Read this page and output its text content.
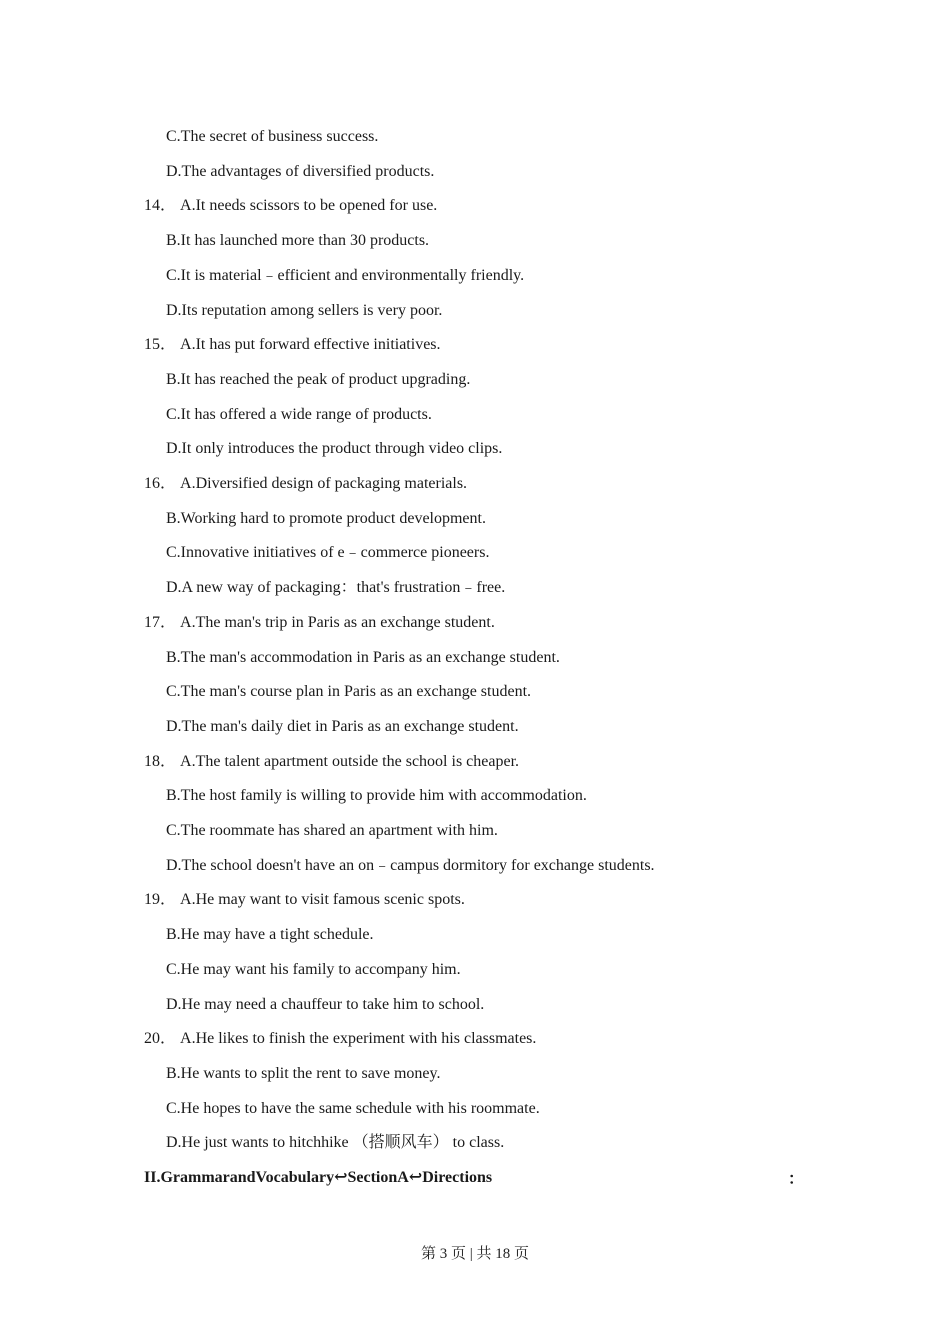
C.The secret of business success.
D.The advantages of diversified products.
14． A.It needs scissors to be opened for use.
B.It has launched more than 30 products.
C.It is material﹣efficient and environmentally friendly.
D.Its reputation among sellers is very poor.
15． A.It has put forward effective initiatives.
B.It has reached the peak of product upgrading.
C.It has offered a wide range of products.
D.It only introduces the product through video clips.
16． A.Diversified design of packaging materials.
B.Working hard to promote product development.
C.Innovative initiatives of e﹣commerce pioneers.
D.A new way of packaging：that's frustration﹣free.
17． A.The man's trip in Paris as an exchange student.
B.The man's accommodation in Paris as an exchange student.
C.The man's course plan in Paris as an exchange student.
D.The man's daily diet in Paris as an exchange student.
18． A.The talent apartment outside the school is cheaper.
B.The host family is willing to provide him with accommodation.
C.The roommate has shared an apartment with him.
D.The school doesn't have an on﹣campus dormitory for exchange students.
19． A.He may want to visit famous scenic spots.
B.He may have a tight schedule.
C.He may want his family to accompany him.
D.He may need a chauffeur to take him to school.
20． A.He likes to finish the experiment with his classmates.
B.He wants to split the rent to save money.
C.He hopes to have the same schedule with his roommate.
D.He just wants to hitchhike （搭顺风车） to class.
II.GrammarandVocabulary↩SectionA↩Directions	：
第 3 页 | 共 18 页
